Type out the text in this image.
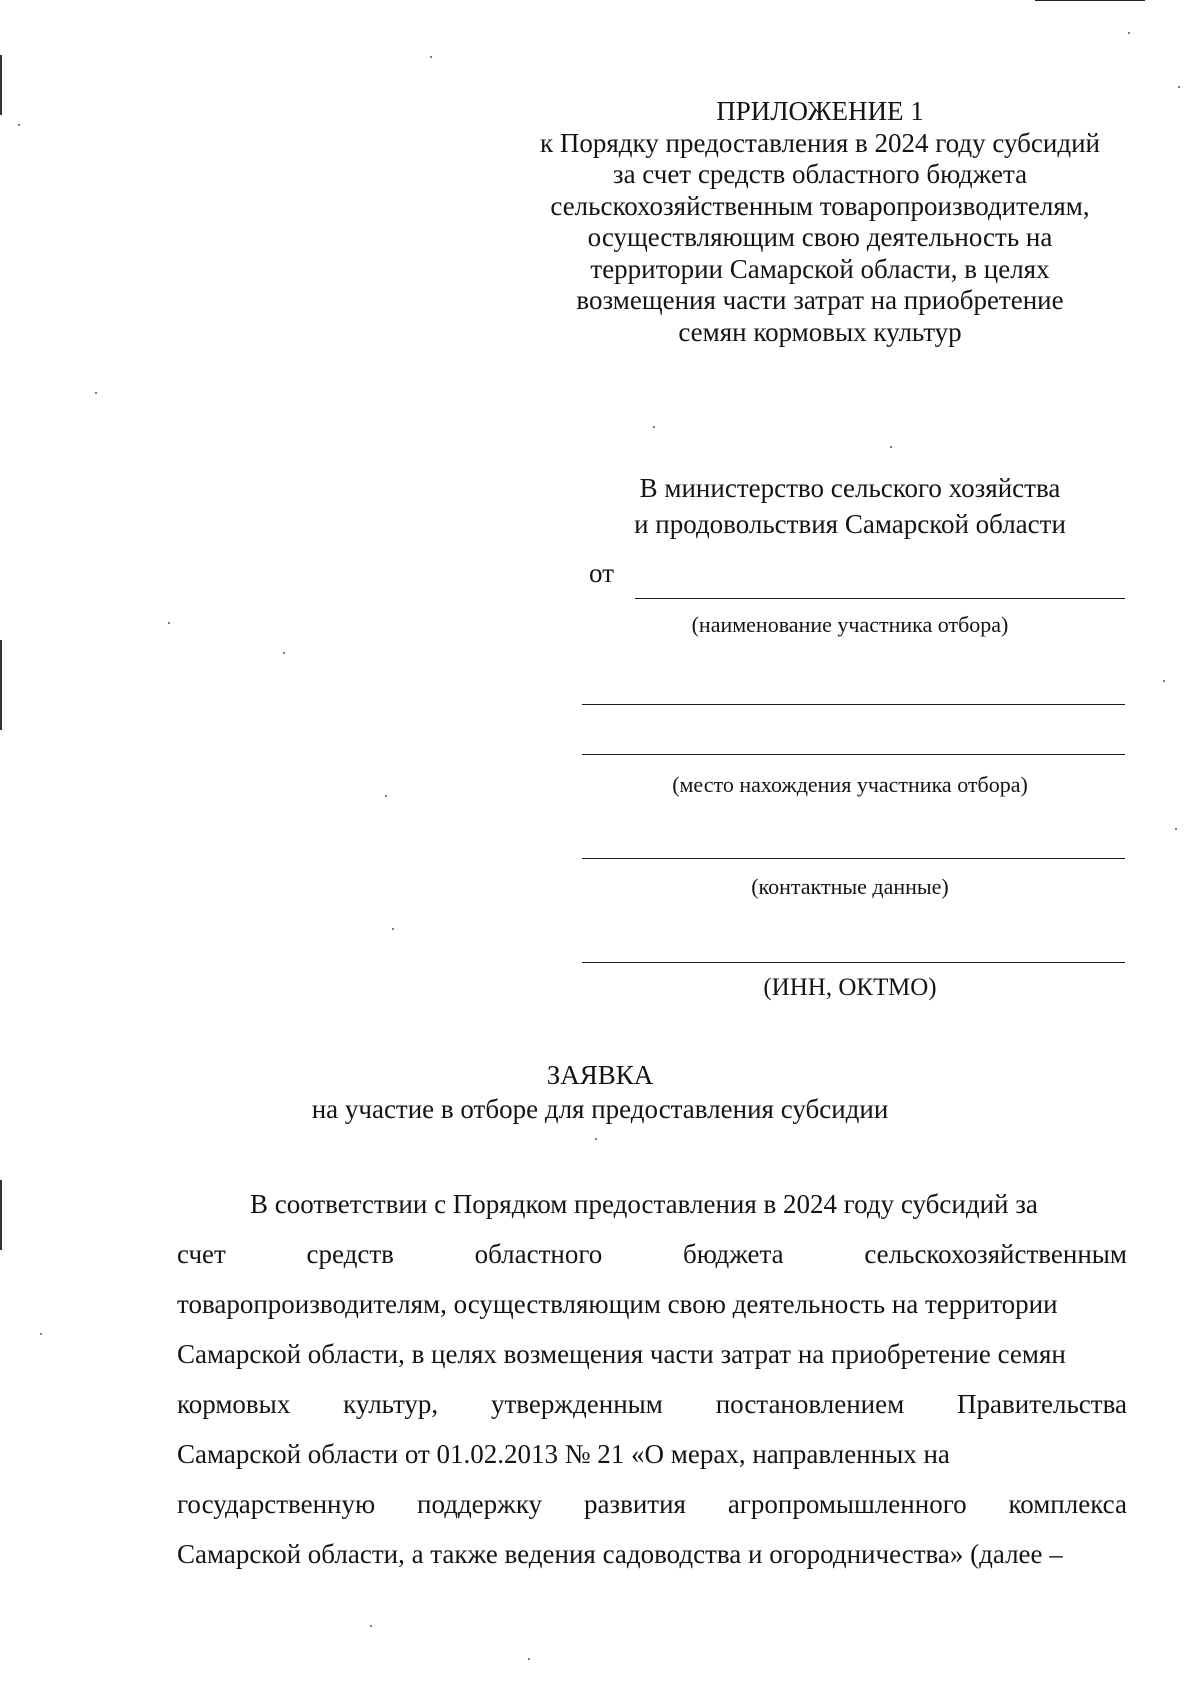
ПРИЛОЖЕНИЕ 1
к Порядку предоставления в 2024 году субсидий
за счет средств областного бюджета
сельскохозяйственным товаропроизводителям,
осуществляющим свою деятельность на
территории Самарской области, в целях
возмещения части затрат на приобретение
семян кормовых культур
В министерство сельского хозяйства
и продовольствия Самарской области
от
(наименование участника отбора)
(место нахождения участника отбора)
(контактные данные)
(ИНН, ОКТМО)
ЗАЯВКА
на участие в отборе для предоставления субсидии
В соответствии с Порядком предоставления в 2024 году субсидий за
счет	средств	областного	бюджета	сельскохозяйственным
товаропроизводителям, осуществляющим свою деятельность на территории
Самарской области, в целях возмещения части затрат на приобретение семян
кормовых культур, утвержденным постановлением Правительства
Самарской области от 01.02.2013 № 21 «О мерах, направленных на
государственную поддержку развития агропромышленного комплекса
Самарской области, а также ведения садоводства и огородничества» (далее –
